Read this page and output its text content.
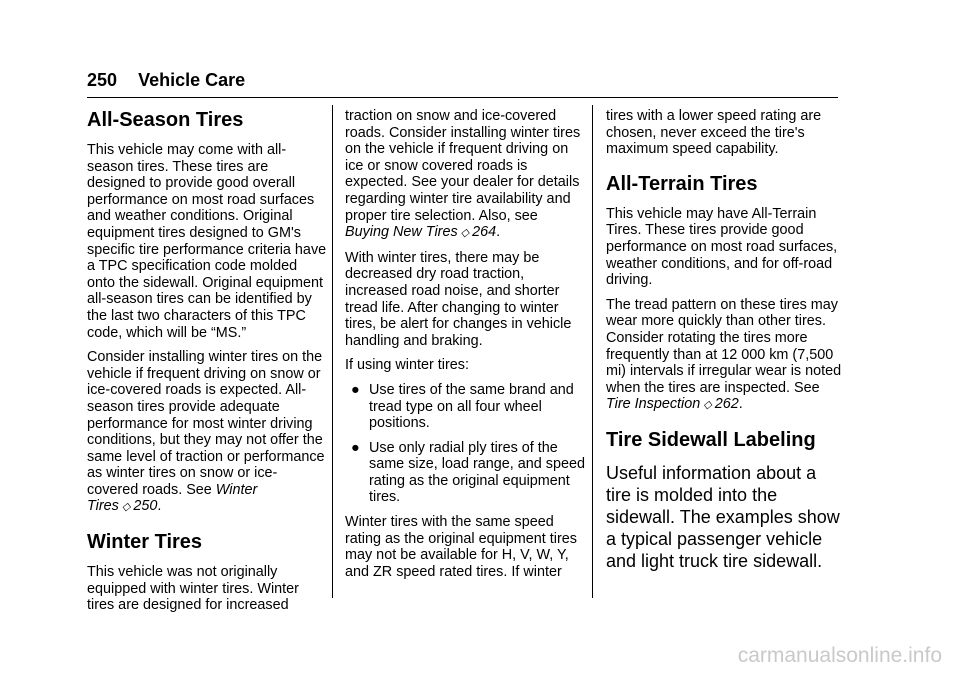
250 Vehicle Care
All-Season Tires

This vehicle may come with all-season tires. These tires are designed to provide good overall performance on most road surfaces and weather conditions. Original equipment tires designed to GM's specific tire performance criteria have a TPC specification code molded onto the sidewall. Original equipment all-season tires can be identified by the last two characters of this TPC code, which will be “MS.”

Consider installing winter tires on the vehicle if frequent driving on snow or ice-covered roads is expected. All-season tires provide adequate performance for most winter driving conditions, but they may not offer the same level of traction or performance as winter tires on snow or ice-covered roads. See Winter Tires ◇ 250.

Winter Tires

This vehicle was not originally equipped with winter tires. Winter tires are designed for increased

traction on snow and ice-covered roads. Consider installing winter tires on the vehicle if frequent driving on ice or snow covered roads is expected. See your dealer for details regarding winter tire availability and proper tire selection. Also, see Buying New Tires ◇ 264.

With winter tires, there may be decreased dry road traction, increased road noise, and shorter tread life. After changing to winter tires, be alert for changes in vehicle handling and braking.

If using winter tires:

● Use tires of the same brand and tread type on all four wheel positions.
● Use only radial ply tires of the same size, load range, and speed rating as the original equipment tires.

Winter tires with the same speed rating as the original equipment tires may not be available for H, V, W, Y, and ZR speed rated tires. If winter

tires with a lower speed rating are chosen, never exceed the tire's maximum speed capability.

All-Terrain Tires

This vehicle may have All-Terrain Tires. These tires provide good performance on most road surfaces, weather conditions, and for off-road driving.

The tread pattern on these tires may wear more quickly than other tires. Consider rotating the tires more frequently than at 12 000 km (7,500 mi) intervals if irregular wear is noted when the tires are inspected. See Tire Inspection ◇ 262.

Tire Sidewall Labeling

Useful information about a tire is molded into the sidewall. The examples show a typical passenger vehicle and light truck tire sidewall.

carmanualsonline.info
